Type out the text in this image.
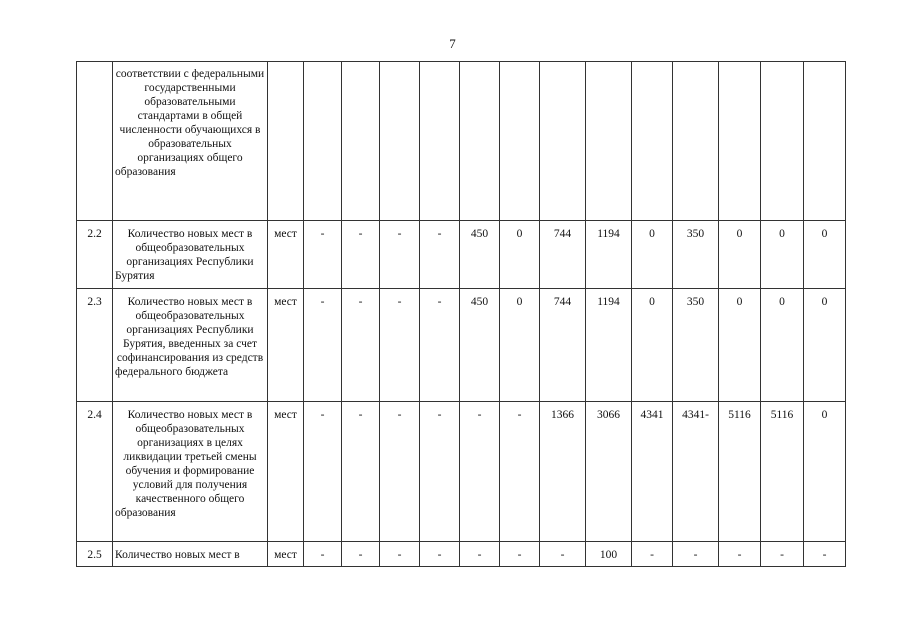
7
	соответствии с федеральными государственными образовательными стандартами в общей численности обучающихся в образовательных организациях общего образования														
2.2	Количество новых мест в общеобразовательных организациях Республики Бурятия	мест	-	-	-	-	450	0	744	1194	0	350	0	0	0
2.3	Количество новых мест в общеобразовательных организациях Республики Бурятия, введенных за счет софинансирования из средств федерального бюджета	мест	-	-	-	-	450	0	744	1194	0	350	0	0	0
2.4	Количество новых мест в общеобразовательных организациях в целях ликвидации третьей смены обучения и формирование условий для получения качественного общего образования	мест	-	-	-	-	-	-	1366	3066	4341	4341-	5116	5116	0
2.5	Количество новых мест в	мест	-	-	-	-	-	-	-	100	-	-	-	-	-
